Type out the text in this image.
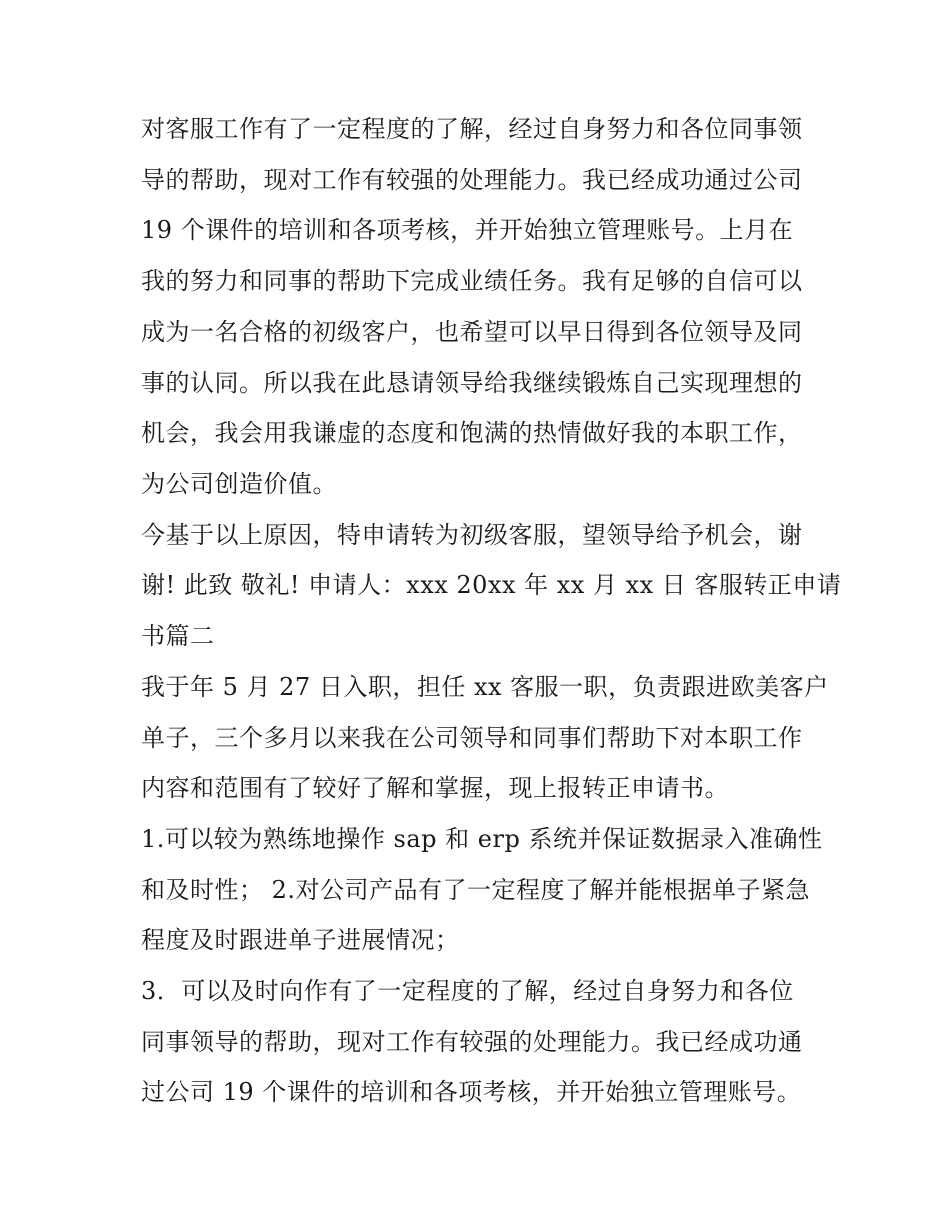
对客服工作有了一定程度的了解，经过自身努力和各位同事领
导的帮助，现对工作有较强的处理能力。我已经成功通过公司
19 个课件的培训和各项考核，并开始独立管理账号。上月在
我的努力和同事的帮助下完成业绩任务。我有足够的自信可以
成为一名合格的初级客户，也希望可以早日得到各位领导及同
事的认同。所以我在此恳请领导给我继续锻炼自己实现理想的
机会，我会用我谦虚的态度和饱满的热情做好我的本职工作，
为公司创造价值。
今基于以上原因，特申请转为初级客服，望领导给予机会，谢
谢! 此致 敬礼! 申请人：xxx 20xx 年 xx 月 xx 日 客服转正申请
书篇二
我于年 5 月 27 日入职，担任 xx 客服一职，负责跟进欧美客户
单子，三个多月以来我在公司领导和同事们帮助下对本职工作
内容和范围有了较好了解和掌握，现上报转正申请书。
1.可以较为熟练地操作 sap 和 erp 系统并保证数据录入准确性
和及时性； 2.对公司产品有了一定程度了解并能根据单子紧急
程度及时跟进单子进展情况；
3．可以及时向作有了一定程度的了解，经过自身努力和各位
同事领导的帮助，现对工作有较强的处理能力。我已经成功通
过公司 19 个课件的培训和各项考核，并开始独立管理账号。
